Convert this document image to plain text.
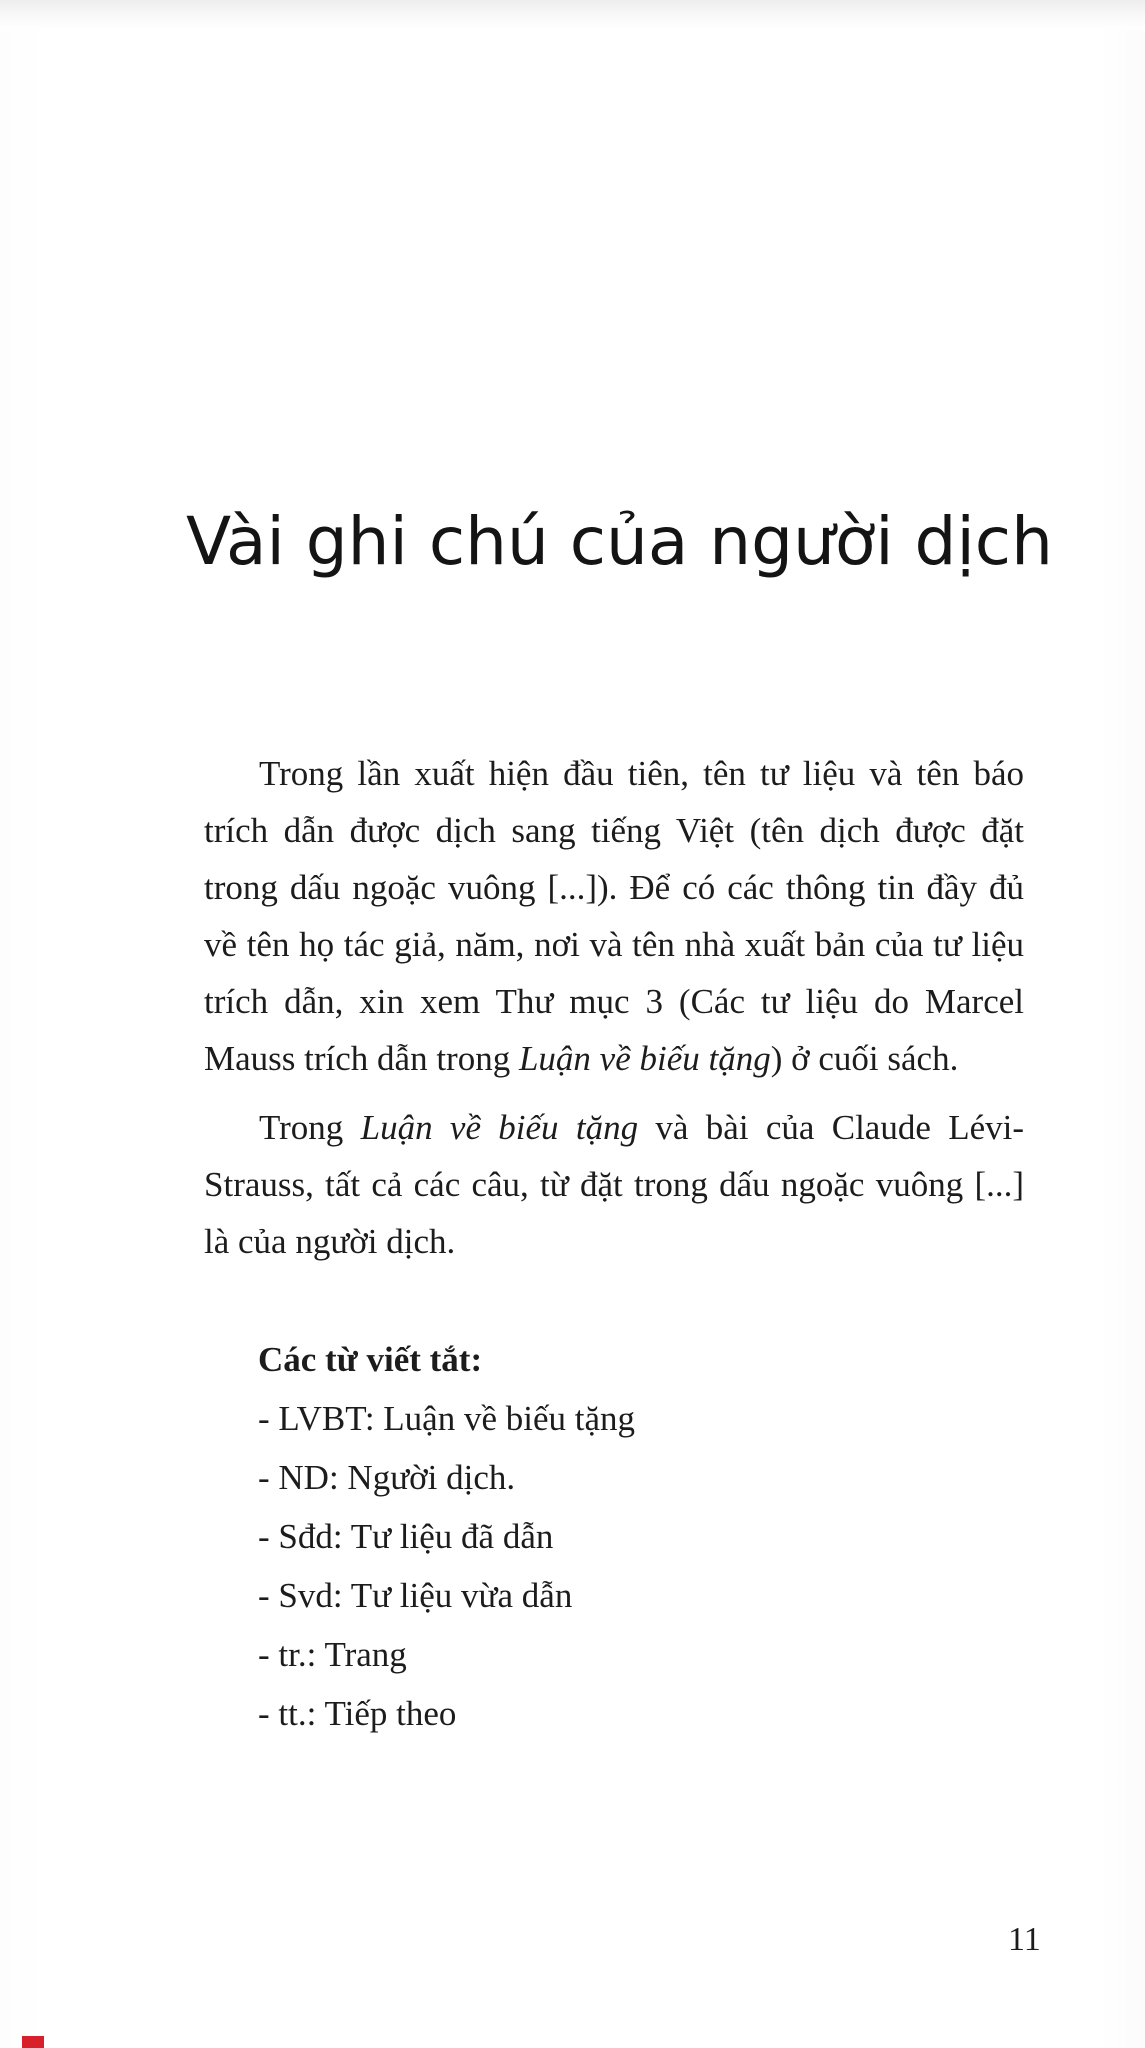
Vài ghi chú của người dịch

Trong lần xuất hiện đầu tiên, tên tư liệu và tên báo trích dẫn được dịch sang tiếng Việt (tên dịch được đặt trong dấu ngoặc vuông [...]). Để có các thông tin đầy đủ về tên họ tác giả, năm, nơi và tên nhà xuất bản của tư liệu trích dẫn, xin xem Thư mục 3 (Các tư liệu do Marcel Mauss trích dẫn trong Luận về biếu tặng) ở cuối sách.

Trong Luận về biếu tặng và bài của Claude Lévi-Strauss, tất cả các câu, từ đặt trong dấu ngoặc vuông [...] là của người dịch.

Các từ viết tắt:

- LVBT: Luận về biếu tặng
- ND: Người dịch.
- Sđd: Tư liệu đã dẫn
- Svd: Tư liệu vừa dẫn
- tr.: Trang
- tt.: Tiếp theo
11
